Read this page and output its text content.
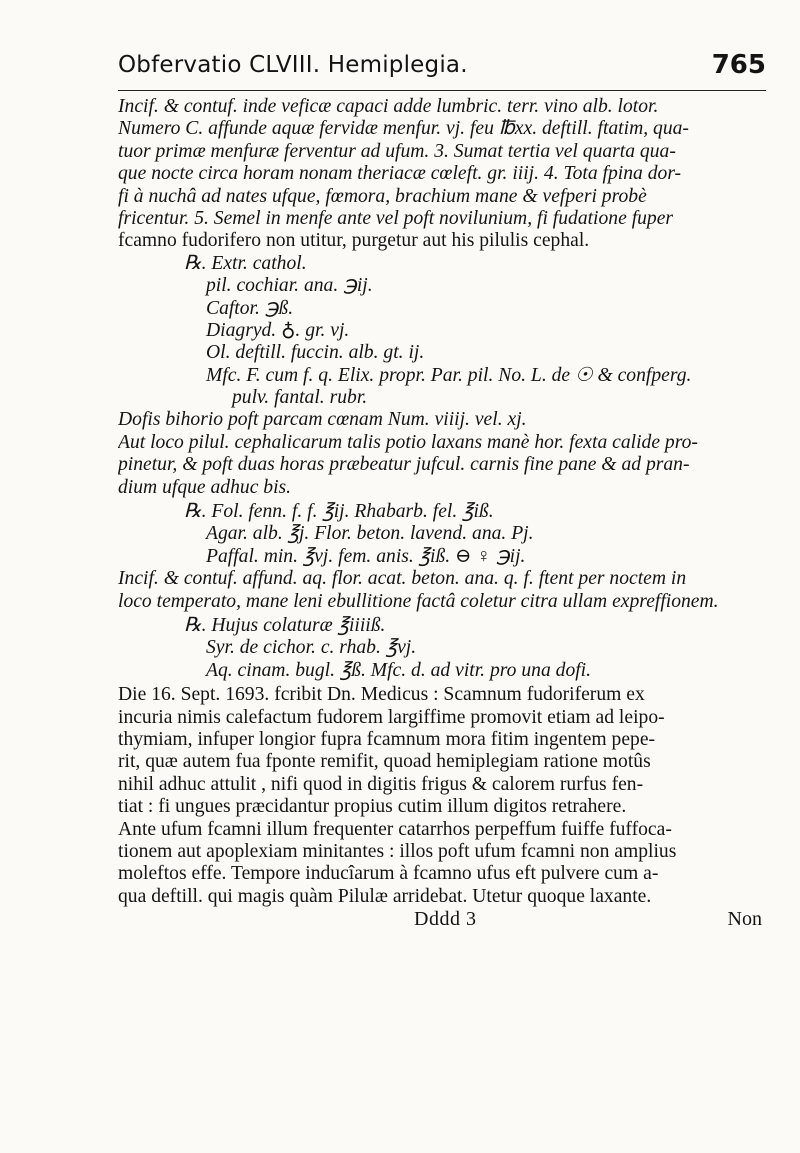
Obfervatio CLVIII. Hemiplegia.	765
Incif. & contuf. inde veficæ capaci adde lumbric. terr. vino alb. lotor.
Numero C. affunde aquæ fervidæ menfur. vj. feu ℔xx. deftill. ftatim, qua-
tuor primæ menfuræ ferventur ad ufum. 3. Sumat tertia vel quarta qua-
que nocte circa horam nonam theriacæ cœleft. gr. iiij. 4. Tota fpina dor-
fi à nuchâ ad nates ufque, fœmora, brachium mane & vefperi probè
fricentur. 5. Semel in menfe ante vel poft novilunium, fi fudatione fuper
fcamno fudorifero non utitur, purgetur aut his pilulis cephal.
℞. Extr. cathol.
pil. cochiar. ana. ℈ij.
Caftor. ℈ß.
Diagryd. ♁. gr. vj.
Ol. deftill. fuccin. alb. gt. ij.
Mfc. F. cum f. q. Elix. propr. Par. pil. No. L. de ☉ & confperg.
pulv. fantal. rubr.
Dofis bihorio poft parcam cœnam Num. viiij. vel. xj.
Aut loco pilul. cephalicarum talis potio laxans manè hor. fexta calide pro-
pinetur, & poft duas horas præbeatur jufcul. carnis fine pane & ad pran-
dium ufque adhuc bis.
℞. Fol. fenn. f. f. ℥ij. Rhabarb. fel. ℥iß.
Agar. alb. ℥j. Flor. beton. lavend. ana. Pj.
Paffal. min. ℥vj. fem. anis. ℥iß. ⊖ ♀ ℈ij.
Incif. & contuf. affund. aq. flor. acat. beton. ana. q. f. ftent per noctem in
loco temperato, mane leni ebullitione factâ coletur citra ullam expreffionem.
℞. Hujus colaturæ ℥iiiiß.
Syr. de cichor. c. rhab. ℥vj.
Aq. cinam. bugl. ℥ß. Mfc. d. ad vitr. pro una dofi.
Die 16. Sept. 1693. fcribit Dn. Medicus : Scamnum fudoriferum ex
incuria nimis calefactum fudorem largiffime promovit etiam ad leipo-
thymiam, infuper longior fupra fcamnum mora fitim ingentem pepe-
rit, quæ autem fua fponte remifit, quoad hemiplegiam ratione motûs
nihil adhuc attulit , nifi quod in digitis frigus & calorem rurfus fen-
tiat : fi ungues præcidantur propius cutim illum digitos retrahere.
Ante ufum fcamni illum frequenter catarrhos perpeffum fuiffe fuffoca-
tionem aut apoplexiam minitantes : illos poft ufum fcamni non amplius
moleftos effe. Tempore inducîarum à fcamno ufus eft pulvere cum a-
qua deftill. qui magis quàm Pilulæ arridebat. Utetur quoque laxante.
Dddd 3	Non
